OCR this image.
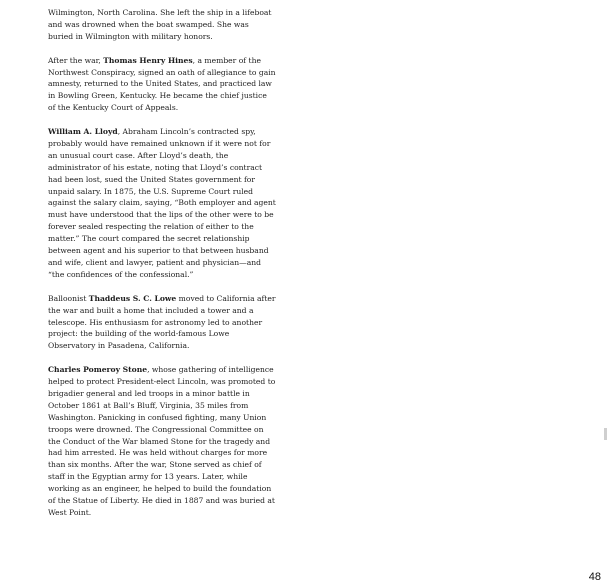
Wilmington, North Carolina. She left the ship in a lifeboat and was drowned when the boat swamped. She was buried in Wilmington with military honors.

After the war, Thomas Henry Hines, a member of the Northwest Conspiracy, signed an oath of allegiance to gain amnesty, returned to the United States, and practiced law in Bowling Green, Kentucky. He became the chief justice of the Kentucky Court of Appeals.

William A. Lloyd, Abraham Lincoln’s contracted spy, probably would have remained unknown if it were not for an unusual court case. After Lloyd’s death, the administrator of his estate, noting that Lloyd’s contract had been lost, sued the United States government for unpaid salary. In 1875, the U.S. Supreme Court ruled against the salary claim, saying, “Both employer and agent must have understood that the lips of the other were to be forever sealed respecting the relation of either to the matter.” The court compared the secret relationship between agent and his superior to that between husband and wife, client and lawyer, patient and physician—and “the confidences of the confessional.”

Balloonist Thaddeus S. C. Lowe moved to California after the war and built a home that included a tower and a telescope. His enthusiasm for astronomy led to another project: the building of the world-famous Lowe Observatory in Pasadena, California.

Charles Pomeroy Stone, whose gathering of intelligence helped to protect President-elect Lincoln, was promoted to brigadier general and led troops in a minor battle in October 1861 at Ball’s Bluff, Virginia, 35 miles from Washington. Panicking in confused fighting, many Union troops were drowned. The Congressional Committee on the Conduct of the War blamed Stone for the tragedy and had him arrested. He was held without charges for more than six months. After the war, Stone served as chief of staff in the Egyptian army for 13 years. Later, while working as an engineer, he helped to build the foundation of the Statue of Liberty. He died in 1887 and was buried at West Point.

48
